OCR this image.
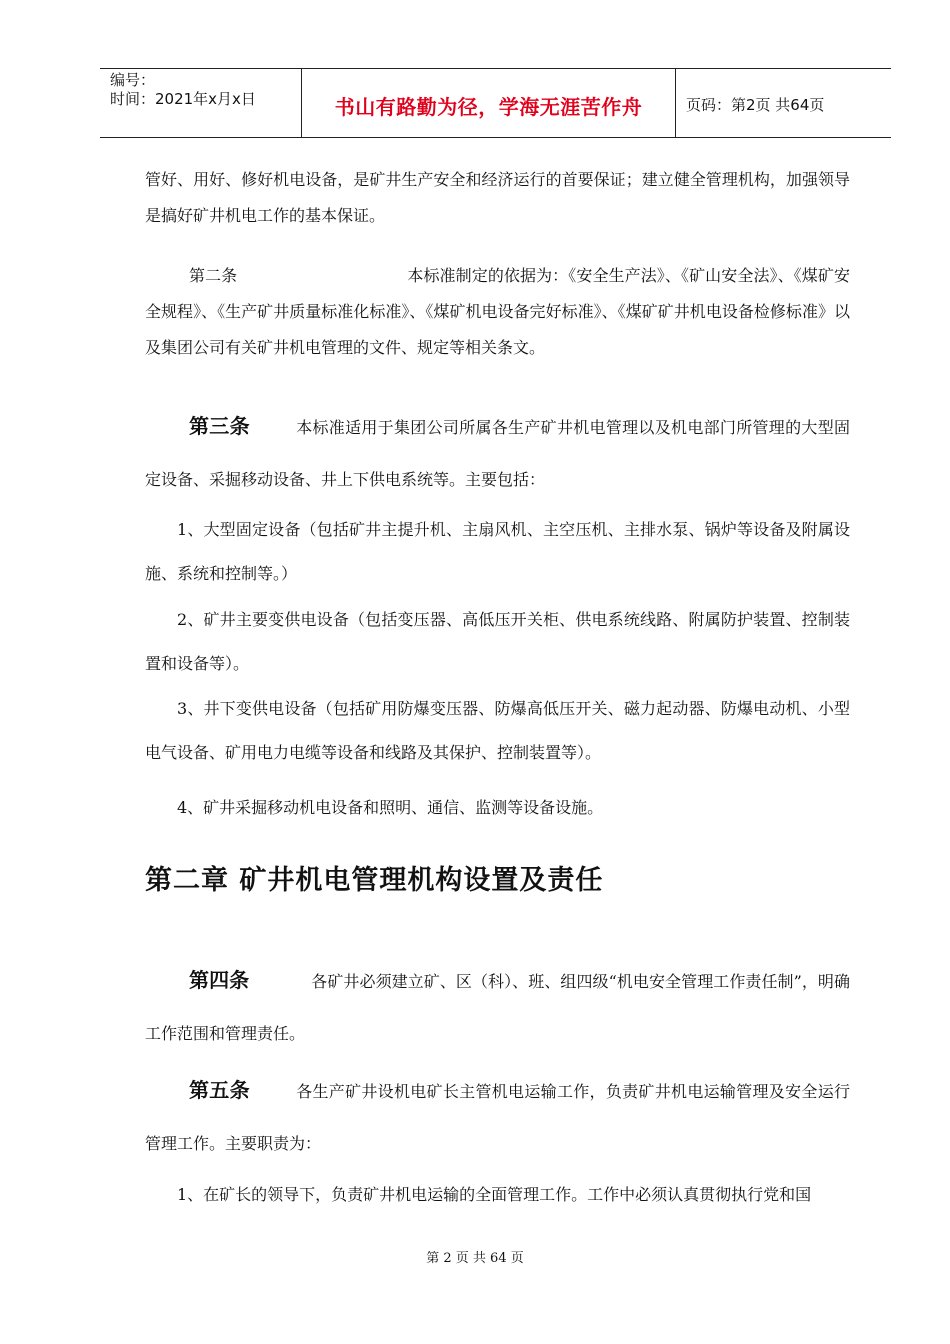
编号：
时间：2021年x月x日	书山有路勤为径，学海无涯苦作舟	页码：第2页 共64页
管好、用好、修好机电设备，是矿井生产安全和经济运行的首要保证；建立健全管理机构，加强领导是搞好矿井机电工作的基本保证。
第二条	本标准制定的依据为：《安全生产法》、《矿山安全法》、《煤矿安全规程》、《生产矿井质量标准化标准》、《煤矿机电设备完好标准》、《煤矿矿井机电设备检修标准》以及集团公司有关矿井机电管理的文件、规定等相关条文。
第三条	本标准适用于集团公司所属各生产矿井机电管理以及机电部门所管理的大型固定设备、采掘移动设备、井上下供电系统等。主要包括：
1、大型固定设备（包括矿井主提升机、主扇风机、主空压机、主排水泵、锅炉等设备及附属设施、系统和控制等。）
2、矿井主要变供电设备（包括变压器、高低压开关柜、供电系统线路、附属防护装置、控制装置和设备等）。
3、井下变供电设备（包括矿用防爆变压器、防爆高低压开关、磁力起动器、防爆电动机、小型电气设备、矿用电力电缆等设备和线路及其保护、控制装置等）。
4、矿井采掘移动机电设备和照明、通信、监测等设备设施。
第二章 矿井机电管理机构设置及责任
第四条	各矿井必须建立矿、区（科）、班、组四级“机电安全管理工作责任制”，明确工作范围和管理责任。
第五条	各生产矿井设机电矿长主管机电运输工作，负责矿井机电运输管理及安全运行管理工作。主要职责为：
1、在矿长的领导下，负责矿井机电运输的全面管理工作。工作中必须认真贯彻执行党和国
第 2 页 共 64 页
